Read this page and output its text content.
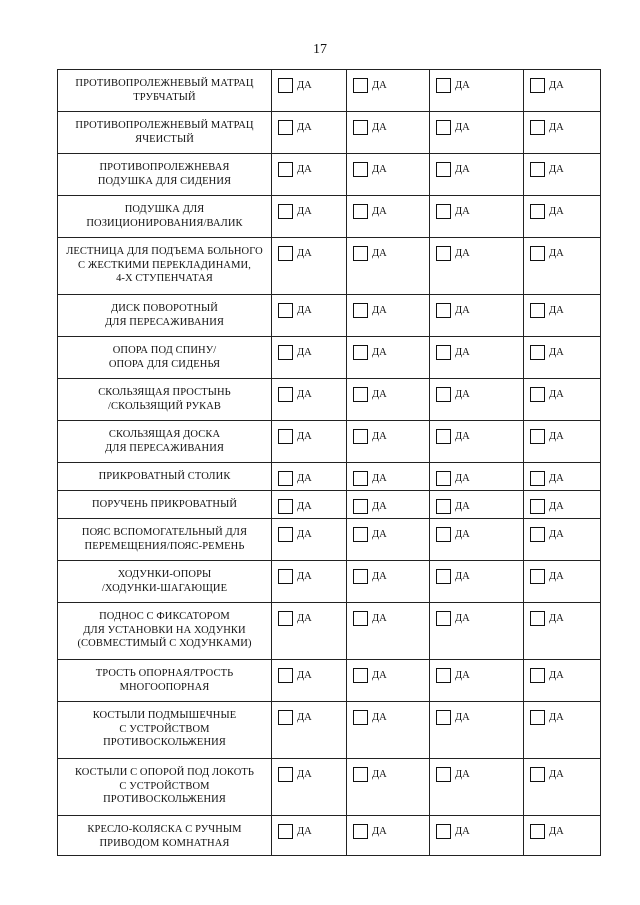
17
ПРОТИВОПРОЛЕЖНЕВЫЙ МАТРАЦ
ТРУБЧАТЫЙ	ДА	ДА	ДА	ДА

ПРОТИВОПРОЛЕЖНЕВЫЙ МАТРАЦ
ЯЧЕИСТЫЙ	ДА	ДА	ДА	ДА

ПРОТИВОПРОЛЕЖНЕВАЯ
ПОДУШКА ДЛЯ СИДЕНИЯ	ДА	ДА	ДА	ДА

ПОДУШКА ДЛЯ
ПОЗИЦИОНИРОВАНИЯ/ВАЛИК	ДА	ДА	ДА	ДА

ЛЕСТНИЦА ДЛЯ ПОДЪЕМА БОЛЬНОГО
С ЖЕСТКИМИ ПЕРЕКЛАДИНАМИ,
4-Х СТУПЕНЧАТАЯ	ДА	ДА	ДА	ДА

ДИСК ПОВОРОТНЫЙ
ДЛЯ ПЕРЕСАЖИВАНИЯ	ДА	ДА	ДА	ДА

ОПОРА ПОД СПИНУ/
ОПОРА ДЛЯ СИДЕНЬЯ	ДА	ДА	ДА	ДА

СКОЛЬЗЯЩАЯ ПРОСТЫНЬ
/СКОЛЬЗЯЩИЙ РУКАВ	ДА	ДА	ДА	ДА

СКОЛЬЗЯЩАЯ ДОСКА
ДЛЯ ПЕРЕСАЖИВАНИЯ	ДА	ДА	ДА	ДА

ПРИКРОВАТНЫЙ СТОЛИК	ДА	ДА	ДА	ДА

ПОРУЧЕНЬ ПРИКРОВАТНЫЙ	ДА	ДА	ДА	ДА

ПОЯС ВСПОМОГАТЕЛЬНЫЙ ДЛЯ
ПЕРЕМЕЩЕНИЯ/ПОЯС-РЕМЕНЬ	ДА	ДА	ДА	ДА

ХОДУНКИ-ОПОРЫ
/ХОДУНКИ-ШАГАЮЩИЕ	ДА	ДА	ДА	ДА

ПОДНОС С ФИКСАТОРОМ
ДЛЯ УСТАНОВКИ НА ХОДУНКИ
(СОВМЕСТИМЫЙ С ХОДУНКАМИ)	ДА	ДА	ДА	ДА

ТРОСТЬ ОПОРНАЯ/ТРОСТЬ
МНОГООПОРНАЯ	ДА	ДА	ДА	ДА

КОСТЫЛИ ПОДМЫШЕЧНЫЕ
С УСТРОЙСТВОМ
ПРОТИВОСКОЛЬЖЕНИЯ	ДА	ДА	ДА	ДА

КОСТЫЛИ С ОПОРОЙ ПОД ЛОКОТЬ
С УСТРОЙСТВОМ
ПРОТИВОСКОЛЬЖЕНИЯ	ДА	ДА	ДА	ДА

КРЕСЛО-КОЛЯСКА С РУЧНЫМ
ПРИВОДОМ КОМНАТНАЯ	ДА	ДА	ДА	ДА
